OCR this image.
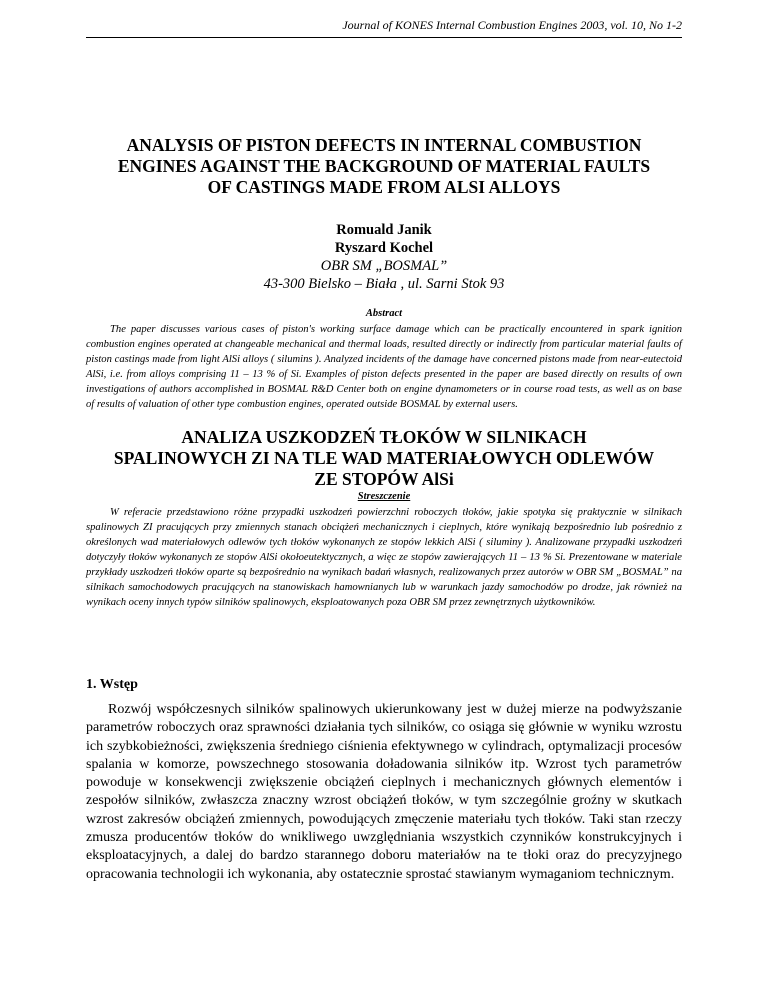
Journal of KONES Internal Combustion Engines 2003, vol. 10, No 1-2
ANALYSIS OF PISTON DEFECTS IN INTERNAL COMBUSTION
ENGINES AGAINST THE BACKGROUND OF MATERIAL FAULTS
OF CASTINGS MADE FROM ALSI ALLOYS
Romuald Janik
Ryszard Kochel
OBR SM „BOSMAL”
43-300 Bielsko – Biała , ul. Sarni Stok 93
Abstract

The paper discusses various cases of piston's working surface damage which can be practically encountered in spark ignition combustion engines operated at changeable mechanical and thermal loads, resulted directly or indirectly from particular material faults of piston castings made from light AlSi alloys ( silumins ). Analyzed incidents of the damage have concerned pistons made from near-eutectoid AlSi, i.e. from alloys comprising 11 – 13 % of Si. Examples of piston defects presented in the paper are based directly on results of own investigations of authors accomplished in BOSMAL R&D Center both on engine dynamometers or in course road tests, as well as on base of results of valuation of other type combustion engines, operated outside BOSMAL by external users.

ANALIZA USZKODZEŃ TŁOKÓW W SILNIKACH
SPALINOWYCH ZI NA TLE WAD MATERIAŁOWYCH ODLEWÓW
ZE STOPÓW AlSi
Streszczenie

W referacie przedstawiono różne przypadki uszkodzeń powierzchni roboczych tłoków, jakie spotyka się praktycznie w silnikach spalinowych ZI pracujących przy zmiennych stanach obciążeń mechanicznych i cieplnych, które wynikają bezpośrednio lub pośrednio z określonych wad materiałowych odlewów tych tłoków wykonanych ze stopów lekkich AlSi ( siluminy ). Analizowane przypadki uszkodzeń dotyczyły tłoków wykonanych ze stopów AlSi okołoeutektycznych, a więc ze stopów zawierających 11 – 13 % Si. Prezentowane w materiale przykłady uszkodzeń tłoków oparte są bezpośrednio na wynikach badań własnych, realizowanych przez autorów w OBR SM „BOSMAL” na silnikach samochodowych pracujących na stanowiskach hamownianych lub w warunkach jazdy samochodów po drodze, jak również na wynikach oceny innych typów silników spalinowych, eksploatowanych poza OBR SM przez zewnętrznych użytkowników.

1. Wstęp

Rozwój współczesnych silników spalinowych ukierunkowany jest w dużej mierze na podwyższanie parametrów roboczych oraz sprawności działania tych silników, co osiąga się głównie w wyniku wzrostu ich szybkobieżności, zwiększenia średniego ciśnienia efektywnego w cylindrach, optymalizacji procesów spalania w komorze, powszechnego stosowania doładowania silników itp. Wzrost tych parametrów powoduje w konsekwencji zwiększenie obciążeń cieplnych i mechanicznych głównych elementów i zespołów silników, zwłaszcza znaczny wzrost obciążeń tłoków, w tym szczególnie groźny w skutkach wzrost zakresów obciążeń zmiennych, powodujących zmęczenie materiału tych tłoków. Taki stan rzeczy zmusza producentów tłoków do wnikliwego uwzględniania wszystkich czynników konstrukcyjnych i eksploatacyjnych, a dalej do bardzo starannego doboru materiałów na te tłoki oraz do precyzyjnego opracowania technologii ich wykonania, aby ostatecznie sprostać stawianym wymaganiom technicznym.
